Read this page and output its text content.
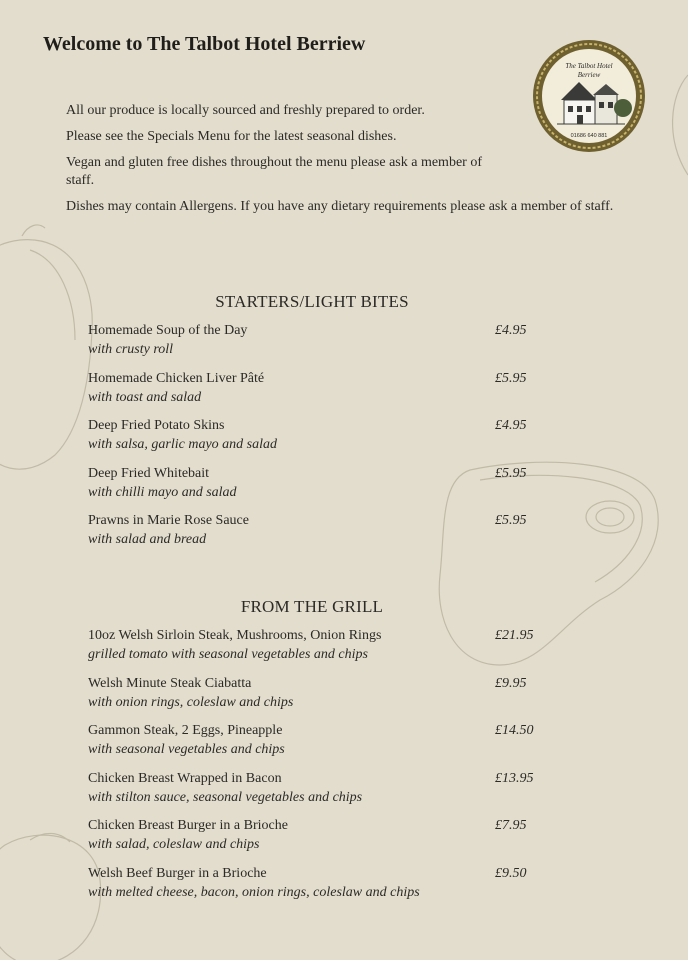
Welcome to The Talbot Hotel Berriew
The Talbot Hotel
Berriew
01686 640 881

All our produce is locally sourced and freshly prepared to order.

Please see the Specials Menu for the latest seasonal dishes.

Vegan and gluten free dishes throughout the menu please ask a member of staff.

Dishes may contain Allergens. If you have any dietary requirements please ask a member of staff.

STARTERS/LIGHT BITES
Homemade Soup of the Day
with crusty roll
£4.95
Homemade Chicken Liver Pâté
with toast and salad
£5.95
Deep Fried Potato Skins
with salsa, garlic mayo and salad
£4.95
Deep Fried Whitebait
with chilli mayo and salad
£5.95
Prawns in Marie Rose Sauce
with salad and bread
£5.95
FROM THE GRILL
10oz Welsh Sirloin Steak, Mushrooms, Onion Rings
grilled tomato with seasonal vegetables and chips
£21.95
Welsh Minute Steak Ciabatta
with onion rings, coleslaw and chips
£9.95
Gammon Steak, 2 Eggs, Pineapple
with seasonal vegetables and chips
£14.50
Chicken Breast Wrapped in Bacon
with stilton sauce, seasonal vegetables and chips
£13.95
Chicken Breast Burger in a Brioche
with salad, coleslaw and chips
£7.95
Welsh Beef Burger in a Brioche
with melted cheese, bacon, onion rings, coleslaw and chips
£9.50
